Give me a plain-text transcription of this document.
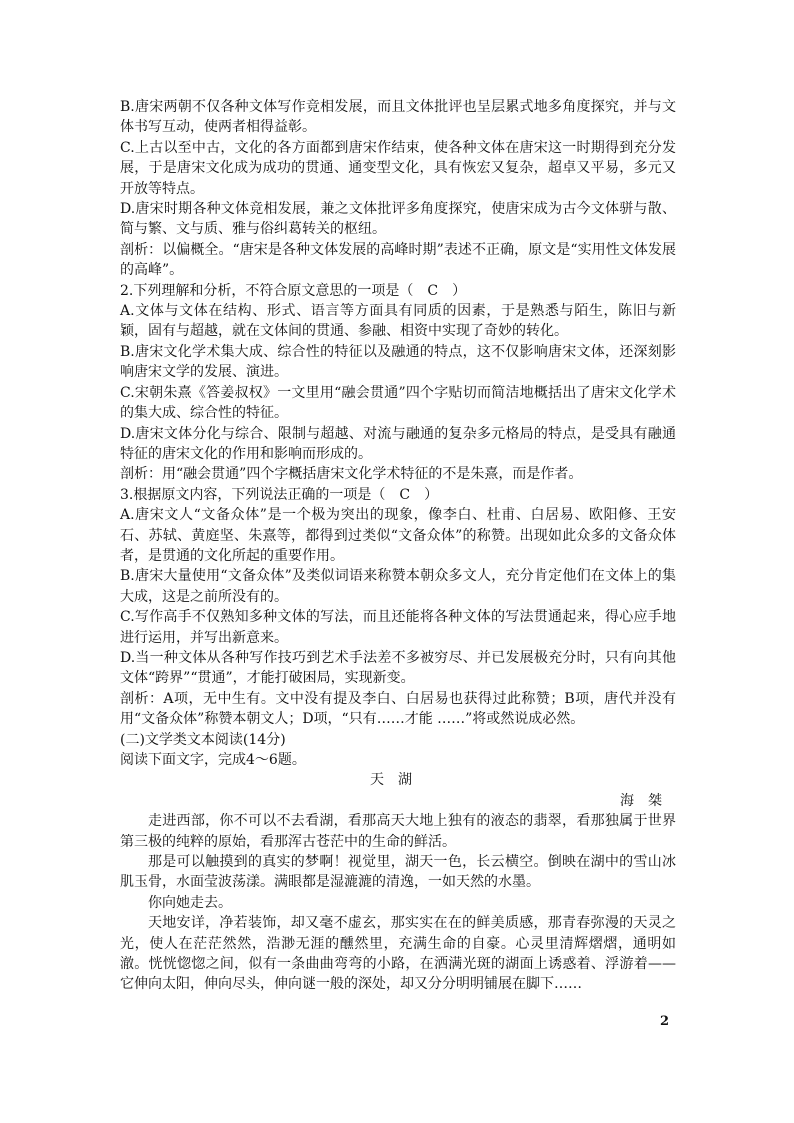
B.唐宋两朝不仅各种文体写作竞相发展，而且文体批评也呈层累式地多角度探究，并与文体书写互动，使两者相得益彰。

C.上古以至中古，文化的各方面都到唐宋作结束，使各种文体在唐宋这一时期得到充分发展，于是唐宋文化成为成功的贯通、通变型文化，具有恢宏又复杂，超卓又平易，多元又开放等特点。

D.唐宋时期各种文体竞相发展，兼之文体批评多角度探究，使唐宋成为古今文体骈与散、简与繁、文与质、雅与俗纠葛转关的枢纽。

剖析：以偏概全。“唐宋是各种文体发展的高峰时期”表述不正确，原文是“实用性文体发展的高峰”。

2.下列理解和分析，不符合原文意思的一项是（　C　）

A.文体与文体在结构、形式、语言等方面具有同质的因素，于是熟悉与陌生，陈旧与新颖，固有与超越，就在文体间的贯通、参融、相资中实现了奇妙的转化。

B.唐宋文化学术集大成、综合性的特征以及融通的特点，这不仅影响唐宋文体，还深刻影响唐宋文学的发展、演进。

C.宋朝朱熹《答姜叔权》一文里用“融会贯通”四个字贴切而简洁地概括出了唐宋文化学术的集大成、综合性的特征。

D.唐宋文体分化与综合、限制与超越、对流与融通的复杂多元格局的特点，是受具有融通特征的唐宋文化的作用和影响而形成的。

剖析：用“融会贯通”四个字概括唐宋文化学术特征的不是朱熹，而是作者。

3.根据原文内容，下列说法正确的一项是（　C　）

A.唐宋文人“文备众体”是一个极为突出的现象，像李白、杜甫、白居易、欧阳修、王安石、苏轼、黄庭坚、朱熹等，都得到过类似“文备众体”的称赞。出现如此众多的文备众体者，是贯通的文化所起的重要作用。

B.唐宋大量使用“文备众体”及类似词语来称赞本朝众多文人，充分肯定他们在文体上的集大成，这是之前所没有的。

C.写作高手不仅熟知多种文体的写法，而且还能将各种文体的写法贯通起来，得心应手地进行运用，并写出新意来。

D.当一种文体从各种写作技巧到艺术手法差不多被穷尽、并已发展极充分时，只有向其他文体“跨界”“贯通”，才能打破困局，实现新变。

剖析：A项，无中生有。文中没有提及李白、白居易也获得过此称赞；B项，唐代并没有用“文备众体”称赞本朝文人；D项，“只有……才能 ……”将或然说成必然。

(二)文学类文本阅读(14分)

阅读下面文字，完成4～6题。

天湖

海桀

走进西部，你不可以不去看湖，看那高天大地上独有的液态的翡翠，看那独属于世界第三极的纯粹的原始，看那浑古苍茫中的生命的鲜活。

那是可以触摸到的真实的梦啊！视觉里，湖天一色，长云横空。倒映在湖中的雪山冰肌玉骨，水面莹波荡漾。满眼都是湿漉漉的清逸，一如天然的水墨。

你向她走去。

天地安详，净若装饰，却又毫不虚玄，那实实在在的鲜美质感，那青春弥漫的天灵之光，使人在茫茫然然，浩渺无涯的醺然里，充满生命的自豪。心灵里清辉熠熠，通明如澈。恍恍惚惚之间，似有一条曲曲弯弯的小路，在洒满光斑的湖面上诱惑着、浮游着——它伸向太阳，伸向尽头，伸向谜一般的深处，却又分分明明铺展在脚下……

2
